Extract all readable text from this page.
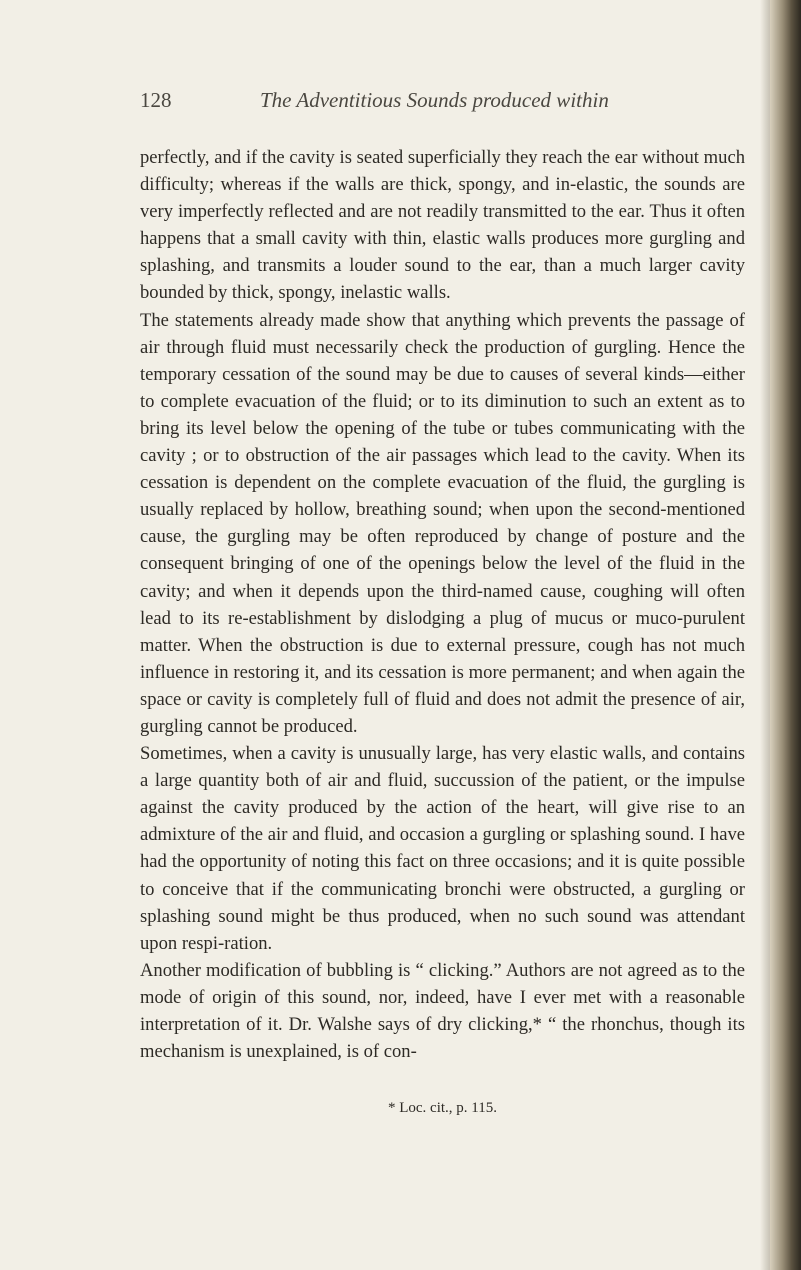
128	The Adventitious Sounds produced within

perfectly, and if the cavity is seated superficially they reach the ear without much difficulty; whereas if the walls are thick, spongy, and in-elastic, the sounds are very imperfectly reflected and are not readily transmitted to the ear. Thus it often happens that a small cavity with thin, elastic walls produces more gurgling and splashing, and transmits a louder sound to the ear, than a much larger cavity bounded by thick, spongy, inelastic walls.

The statements already made show that anything which prevents the passage of air through fluid must necessarily check the production of gurgling. Hence the temporary cessation of the sound may be due to causes of several kinds—either to complete evacuation of the fluid; or to its diminution to such an extent as to bring its level below the opening of the tube or tubes communicating with the cavity ; or to obstruction of the air passages which lead to the cavity. When its cessation is dependent on the complete evacuation of the fluid, the gurgling is usually replaced by hollow, breathing sound; when upon the second-mentioned cause, the gurgling may be often reproduced by change of posture and the consequent bringing of one of the openings below the level of the fluid in the cavity; and when it depends upon the third-named cause, coughing will often lead to its re-establishment by dislodging a plug of mucus or muco-purulent matter. When the obstruction is due to external pressure, cough has not much influence in restoring it, and its cessation is more permanent; and when again the space or cavity is completely full of fluid and does not admit the presence of air, gurgling cannot be produced.

Sometimes, when a cavity is unusually large, has very elastic walls, and contains a large quantity both of air and fluid, succussion of the patient, or the impulse against the cavity produced by the action of the heart, will give rise to an admixture of the air and fluid, and occasion a gurgling or splashing sound. I have had the opportunity of noting this fact on three occasions; and it is quite possible to conceive that if the communicating bronchi were obstructed, a gurgling or splashing sound might be thus produced, when no such sound was attendant upon respi-ration.

Another modification of bubbling is “ clicking.” Authors are not agreed as to the mode of origin of this sound, nor, indeed, have I ever met with a reasonable interpretation of it. Dr. Walshe says of dry clicking,* “ the rhonchus, though its mechanism is unexplained, is of con-

* Loc. cit., p. 115.
